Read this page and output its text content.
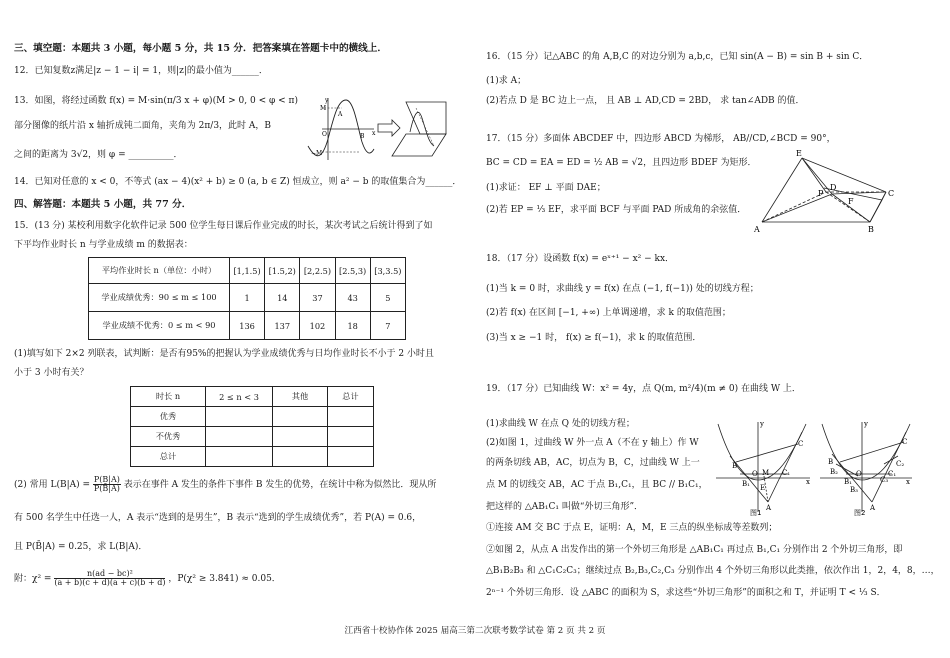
三、填空题：本题共 3 小题，每小题 5 分，共 15 分．把答案填在答题卡中的横线上．
12．已知复数z满足|z − 1 − i| = 1，则|z|的最小值为______．
13．如图，将经过函数 f(x) = M·sin(π/3 x + φ)(M > 0, 0 < φ < π)
部分图像的纸片沿 x 轴折成钝二面角，夹角为 2π/3，此时 A，B
之间的距离为 3√2，则 φ = __________．
y
M
A
O	B x
−M
14．已知对任意的 x < 0，不等式 (ax − 4)(x² + b) ≥ 0 (a, b ∈ Z) 恒成立，则 a² − b 的取值集合为______．
四、解答题：本题共 5 小题，共 77 分．
15．(13 分) 某校利用数字化软件记录 500 位学生每日课后作业完成的时长，某次考试之后统计得到了如
下平均作业时长 n 与学业成绩 m 的数据表：
平均作业时长 n（单位：小时）	[1,1.5)	[1.5,2)	[2,2.5)	[2.5,3)	[3,3.5)
学业成绩优秀：90 ≤ m ≤ 100	1	14	37	43	5
学业成绩不优秀：0 ≤ m < 90	136	137	102	18	7
(1)填写如下 2×2 列联表，试判断：是否有95%的把握认为学业成绩优秀与日均作业时长不小于 2 小时且
小于 3 小时有关？
时长 n	2 ≤ n < 3	其他	总计
优秀			
不优秀			
总计			
(2) 常用 $L(B|A) = \frac{P(B|A)}{P(B̄|A)}$ 表示在事件 A 发生的条件下事件 B 发生的优势，在统计中称为似然比．现从所
有 500 名学生中任选一人，A 表示“选到的是男生”，B 表示“选到的学生成绩优秀”，若 P(A) = 0.6，
且 P(B̄|A) = 0.25，求 L(B|A)．
附：$\chi^2 = \frac{\text{n(ad − bc)²}}{(a + b)(c + d)(a + c)(b + d)}$ ，P(χ² ≥ 3.841) ≈ 0.05．
16．（15 分）记△ABC 的角 A,B,C 的对边分别为 a,b,c，已知 sin(A − B) = sin B + sin C．
(1)求 A；
(2)若点 D 是 BC 边上一点， 且 AB ⊥ AD,CD = 2BD， 求 tan∠ADB 的值．
17．（15 分）多面体 ABCDEF 中，四边形 ABCD 为梯形， AB//CD,∠BCD = 90°，
BC = CD = EA = ED = ½ AB = √2，且四边形 BDEF 为矩形．
(1)求证： EF ⊥ 平面 DAE；
(2)若 EP = ⅓ EF，求平面 BCF 与平面 PAD 所成角的余弦值．
E
D
P
F
C
A	B
18．（17 分）设函数 f(x) = eˣ⁺¹ − x² − kx．
(1)当 k = 0 时，求曲线 y = f(x) 在点 (−1, f(−1)) 处的切线方程；
(2)若 f(x) 在区间 [−1, +∞) 上单调递增，求 k 的取值范围；
(3)当 x ≥ −1 时， f(x) ≥ f(−1)，求 k 的取值范围．
19．（17 分）已知曲线 W：x² = 4y，点 Q(m, m²/4)(m ≠ 0) 在曲线 W 上．
(1)求曲线 W 在点 Q 处的切线方程；
(2)如图 1，过曲线 W 外一点 A（不在 y 轴上）作 W
的两条切线 AB，AC，切点为 B，C，过曲线 W 上一
点 M 的切线交 AB，AC 于点 B₁,C₁，且 BC // B₁C₁，
把这样的 △AB₁C₁ 叫做“外切三角形”．
①连接 AM 交 BC 于点 E，证明：A，M，E 三点的纵坐标成等差数列；
②如图 2，从点 A 出发作出的第一个外切三角形是 △AB₁C₁ 再过点 B₁,C₁ 分别作出 2 个外切三角形，即
△B₁B₂B₃ 和 △C₁C₂C₃；继续过点 B₂,B₃,C₂,C₃ 分别作出 4 个外切三角形以此类推，依次作出 1，2，4，8，…，
2ⁿ⁻¹ 个外切三角形．设 △ABC 的面积为 S，求这些“外切三角形”的面积之和 T，并证明 T < ⅓ S．
y
C
B
O M C₁
B₁ E
A
x
图1
y
C
B	C₂
B₂	C₁
C₃
B₁
B₃
O
A
x
图2
江西省十校协作体 2025 届高三第二次联考数学试卷 第 2 页 共 2 页
